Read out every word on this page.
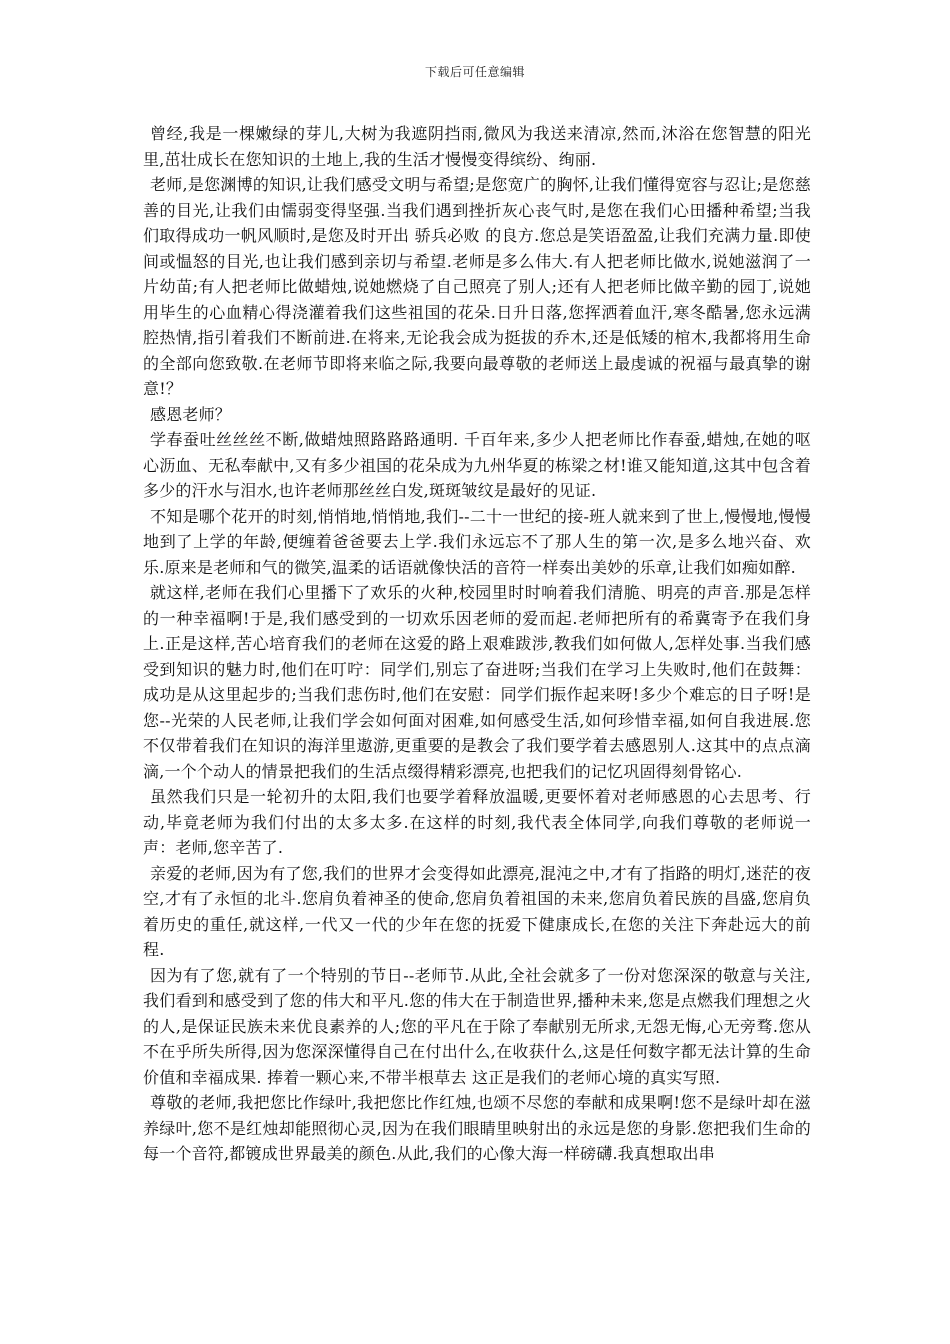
下载后可任意编辑

曾经,我是一棵嫩绿的芽儿,大树为我遮阴挡雨,微风为我送来清凉,然而,沐浴在您智慧的阳光里,茁壮成长在您知识的土地上,我的生活才慢慢变得缤纷、绚丽.

老师,是您渊博的知识,让我们感受文明与希望;是您宽广的胸怀,让我们懂得宽容与忍让;是您慈善的目光,让我们由懦弱变得坚强.当我们遇到挫折灰心丧气时,是您在我们心田播种希望;当我们取得成功一帆风顺时,是您及时开出 骄兵必败 的良方.您总是笑语盈盈,让我们充满力量.即使间或愠怒的目光,也让我们感到亲切与希望.老师是多么伟大.有人把老师比做水,说她滋润了一片幼苗;有人把老师比做蜡烛,说她燃烧了自己照亮了别人;还有人把老师比做辛勤的园丁,说她用毕生的心血精心得浇灌着我们这些祖国的花朵.日升日落,您挥洒着血汗,寒冬酷暑,您永远满腔热情,指引着我们不断前进.在将来,无论我会成为挺拔的乔木,还是低矮的棺木,我都将用生命的全部向您致敬.在老师节即将来临之际,我要向最尊敬的老师送上最虔诚的祝福与最真挚的谢意!？

感恩老师？

学春蚕吐丝丝丝不断,做蜡烛照路路路通明. 千百年来,多少人把老师比作春蚕,蜡烛,在她的呕心沥血、无私奉献中,又有多少祖国的花朵成为九州华夏的栋梁之材!谁又能知道,这其中包含着多少的汗水与泪水,也许老师那丝丝白发,斑斑皱纹是最好的见证.

不知是哪个花开的时刻,悄悄地,悄悄地,我们--二十一世纪的接-班人就来到了世上,慢慢地,慢慢地到了上学的年龄,便缠着爸爸要去上学.我们永远忘不了那人生的第一次,是多么地兴奋、欢乐.原来是老师和气的微笑,温柔的话语就像快活的音符一样奏出美妙的乐章,让我们如痴如醉.

就这样,老师在我们心里播下了欢乐的火种,校园里时时响着我们清脆、明亮的声音.那是怎样的一种幸福啊!于是,我们感受到的一切欢乐因老师的爱而起.老师把所有的希冀寄予在我们身上.正是这样,苦心培育我们的老师在这爱的路上艰难跋涉,教我们如何做人,怎样处事.当我们感受到知识的魅力时,他们在叮咛：同学们,别忘了奋进呀;当我们在学习上失败时,他们在鼓舞：成功是从这里起步的;当我们悲伤时,他们在安慰：同学们振作起来呀!多少个难忘的日子呀!是您--光荣的人民老师,让我们学会如何面对困难,如何感受生活,如何珍惜幸福,如何自我进展.您不仅带着我们在知识的海洋里遨游,更重要的是教会了我们要学着去感恩别人.这其中的点点滴滴,一个个动人的情景把我们的生活点缀得精彩漂亮,也把我们的记忆巩固得刻骨铭心.

虽然我们只是一轮初升的太阳,我们也要学着释放温暖,更要怀着对老师感恩的心去思考、行动,毕竟老师为我们付出的太多太多.在这样的时刻,我代表全体同学,向我们尊敬的老师说一声：老师,您辛苦了.

亲爱的老师,因为有了您,我们的世界才会变得如此漂亮,混沌之中,才有了指路的明灯,迷茫的夜空,才有了永恒的北斗.您肩负着神圣的使命,您肩负着祖国的未来,您肩负着民族的昌盛,您肩负着历史的重任,就这样,一代又一代的少年在您的抚爱下健康成长,在您的关注下奔赴远大的前程.

因为有了您,就有了一个特别的节日--老师节.从此,全社会就多了一份对您深深的敬意与关注,我们看到和感受到了您的伟大和平凡.您的伟大在于制造世界,播种未来,您是点燃我们理想之火的人,是保证民族未来优良素养的人;您的平凡在于除了奉献别无所求,无怨无悔,心无旁骛.您从不在乎所失所得,因为您深深懂得自己在付出什么,在收获什么,这是任何数字都无法计算的生命价值和幸福成果. 捧着一颗心来,不带半根草去 这正是我们的老师心境的真实写照.

尊敬的老师,我把您比作绿叶,我把您比作红烛,也颂不尽您的奉献和成果啊!您不是绿叶却在滋养绿叶,您不是红烛却能照彻心灵,因为在我们眼睛里映射出的永远是您的身影.您把我们生命的每一个音符,都镀成世界最美的颜色.从此,我们的心像大海一样磅礴.我真想取出串
